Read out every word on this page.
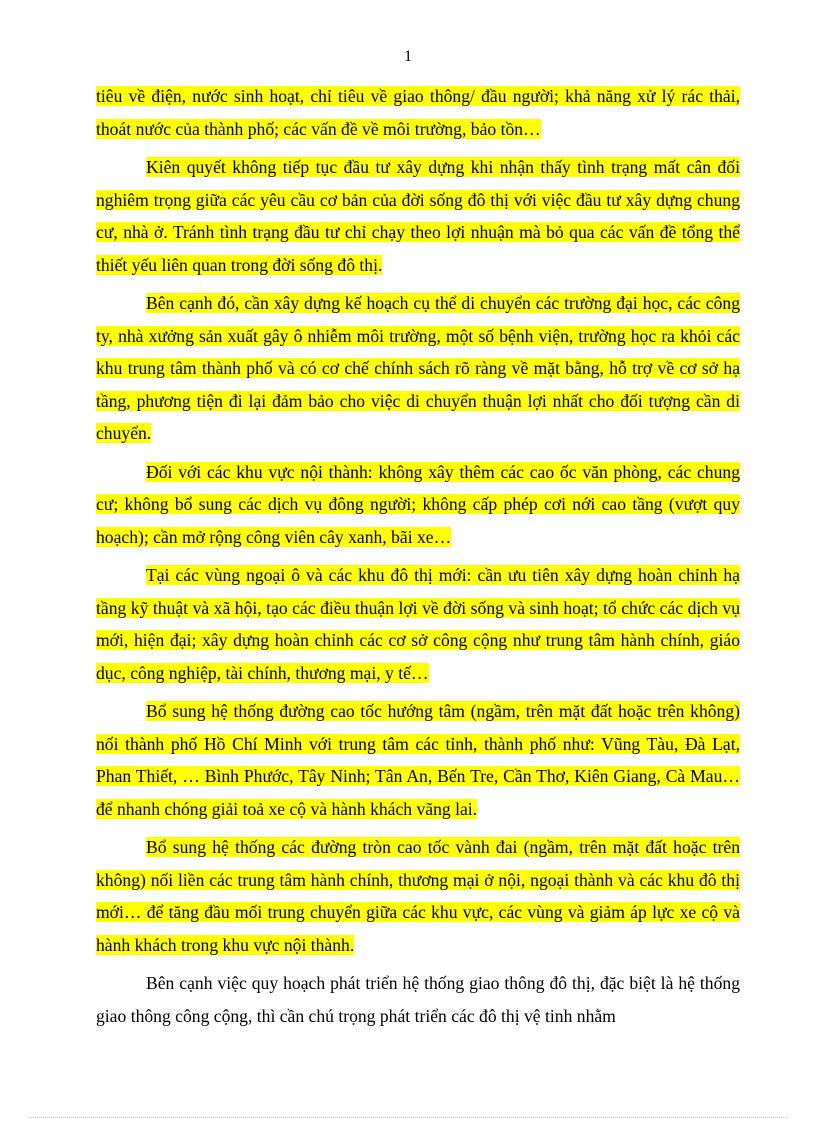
1

tiêu về điện, nước sinh hoạt, chỉ tiêu về giao thông/ đầu người; khả năng xử lý rác thải, thoát nước của thành phố; các vấn đề về môi trường, bảo tồn…

Kiên quyết không tiếp tục đầu tư xây dựng khi nhận thấy tình trạng mất cân đối nghiêm trọng giữa các yêu cầu cơ bản của đời sống đô thị với việc đầu tư xây dựng chung cư, nhà ở. Tránh tình trạng đầu tư chỉ chạy theo lợi nhuận mà bỏ qua các vấn đề tổng thể thiết yếu liên quan trong đời sống đô thị.

Bên cạnh đó, cần xây dựng kế hoạch cụ thể di chuyển các trường đại học, các công ty, nhà xưởng sản xuất gây ô nhiễm môi trường, một số bệnh viện, trường học ra khỏi các khu trung tâm thành phố và có cơ chế chính sách rõ ràng về mặt bằng, hỗ trợ về cơ sở hạ tầng, phương tiện đi lại đảm bảo cho việc di chuyển thuận lợi nhất cho đối tượng cần di chuyển.

Đối với các khu vực nội thành: không xây thêm các cao ốc văn phòng, các chung cư; không bổ sung các dịch vụ đông người; không cấp phép cơi nới cao tầng (vượt quy hoạch); cần mở rộng công viên cây xanh, bãi xe…

Tại các vùng ngoại ô và các khu đô thị mới: cần ưu tiên xây dựng hoàn chỉnh hạ tầng kỹ thuật và xã hội, tạo các điều thuận lợi về đời sống và sinh hoạt; tổ chức các dịch vụ mới, hiện đại; xây dựng hoàn chỉnh các cơ sở công cộng như trung tâm hành chính, giáo dục, công nghiệp, tài chính, thương mại, y tế…

Bổ sung hệ thống đường cao tốc hướng tâm (ngầm, trên mặt đất hoặc trên không) nối thành phố Hồ Chí Minh với trung tâm các tỉnh, thành phố như: Vũng Tàu, Đà Lạt, Phan Thiết, … Bình Phước, Tây Ninh; Tân An, Bến Tre, Cần Thơ, Kiên Giang, Cà Mau… để nhanh chóng giải toả xe cộ và hành khách vãng lai.

Bổ sung hệ thống các đường tròn cao tốc vành đai (ngầm, trên mặt đất hoặc trên không) nối liền các trung tâm hành chính, thương mại ở nội, ngoại thành và các khu đô thị mới… để tăng đầu mối trung chuyển giữa các khu vực, các vùng và giảm áp lực xe cộ và hành khách trong khu vực nội thành.

Bên cạnh việc quy hoạch phát triển hệ thống giao thông đô thị, đặc biệt là hệ thống giao thông công cộng, thì cần chú trọng phát triển các đô thị vệ tinh nhằm
